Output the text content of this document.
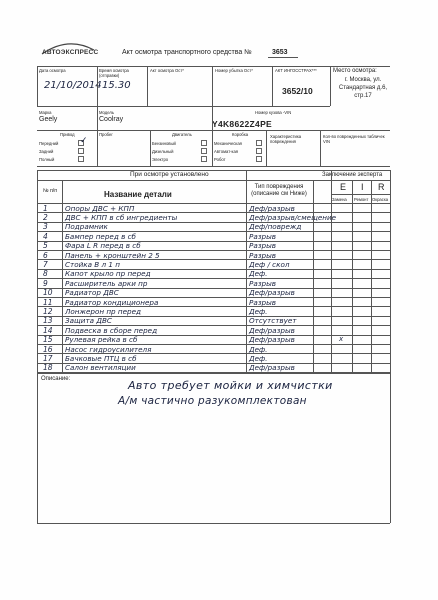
АВТОЭКСПРЕСС	Акт осмотра транспортного средства №	3653
Дата осмотра
21/10/2014
Время осмотра (отправки)
15.30
Акт осмотра Ост*	Номер убытка Ост*	АКТ ИНГОССТРАХ***
3652/10
Место осмотра:
г. Москва, ул. Стандартная д.6, стр.17
Марка
Geely
Модель
Coolray
Номер кузова -VIN
Y4K8622Z4PE
Привод
Передний ✓
Задний
Полный
Пробег	Двигатель
Бензиновый
Дизельный
Электро
Коробка
Механическая
Автомат-кая
Робот
Характеристика повреждения
Кол-во поврежденных табличек VIN
При осмотре установлено	Заключение эксперта
№ п/п	Название детали
Тип повреждения (описание см Ниже)
E I R
Замена Ремонт Окраска
1 Опоры ДВС + КПП	Деф/разрыв
2 ДВС + КПП в сб ингредиенты	Деф/разрыв/смещение
3 Подрамник	Деф/поврежд
4 Бампер перед в сб	Разрыв
5 Фара L R перед в сб	Разрыв
6 Панель + кронштейн 2 5	Разрыв
7 Стойка В л 1 п	Деф / скол
8 Капот крыло пр перед	Деф.
9 Расширитель арки пр	Разрыв
10 Радиатор ДВС	Деф/разрыв
11 Радиатор кондиционера	Разрыв
12 Лонжерон пр перед	Деф.
13 Защита ДВС	Отсутствует
14 Подвеска в сборе перед	Деф/разрыв
15 Рулевая рейка в сб	Деф/разрыв	x
16 Насос гидроусилителя	Деф.
17 Бачковые ПТЦ в сб	Деф.
18 Салон вентиляции	Деф/разрыв
Описание:	Авто требует мойки и химчистки
А/м частично разукомплектован
